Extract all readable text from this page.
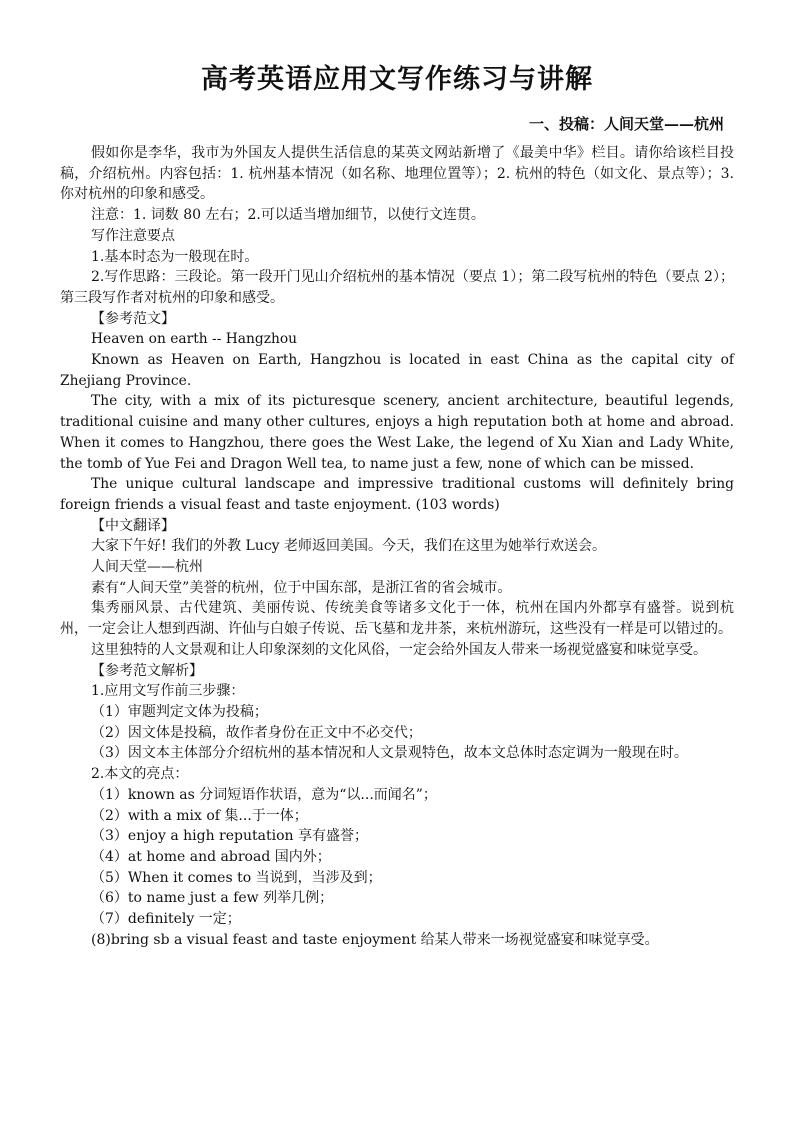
高考英语应用文写作练习与讲解
一、投稿：人间天堂——杭州

假如你是李华，我市为外国友人提供生活信息的某英文网站新增了《最美中华》栏目。请你给该栏目投稿，介绍杭州。内容包括：1. 杭州基本情况（如名称、地理位置等）；2. 杭州的特色（如文化、景点等）；3. 你对杭州的印象和感受。

注意：1. 词数 80 左右；2.可以适当增加细节，以使行文连贯。

写作注意要点

1.基本时态为一般现在时。

2.写作思路：三段论。第一段开门见山介绍杭州的基本情况（要点 1）；第二段写杭州的特色（要点 2）；第三段写作者对杭州的印象和感受。

【参考范文】

Heaven on earth -- Hangzhou

Known as Heaven on Earth, Hangzhou is located in east China as the capital city of Zhejiang Province.

The city, with a mix of its picturesque scenery, ancient architecture, beautiful legends, traditional cuisine and many other cultures, enjoys a high reputation both at home and abroad. When it comes to Hangzhou, there goes the West Lake, the legend of Xu Xian and Lady White, the tomb of Yue Fei and Dragon Well tea, to name just a few, none of which can be missed.

The unique cultural landscape and impressive traditional customs will definitely bring foreign friends a visual feast and taste enjoyment. (103 words)

【中文翻译】

大家下午好! 我们的外教 Lucy 老师返回美国。今天，我们在这里为她举行欢送会。

人间天堂——杭州

素有“人间天堂”美誉的杭州，位于中国东部，是浙江省的省会城市。

集秀丽风景、古代建筑、美丽传说、传统美食等诸多文化于一体，杭州在国内外都享有盛誉。说到杭州，一定会让人想到西湖、许仙与白娘子传说、岳飞墓和龙井茶，来杭州游玩，这些没有一样是可以错过的。

这里独特的人文景观和让人印象深刻的文化风俗，一定会给外国友人带来一场视觉盛宴和味觉享受。

【参考范文解析】

1.应用文写作前三步骤：

（1）审题判定文体为投稿；

（2）因文体是投稿，故作者身份在正文中不必交代；

（3）因文本主体部分介绍杭州的基本情况和人文景观特色，故本文总体时态定调为一般现在时。

2.本文的亮点：

（1）known as 分词短语作状语，意为“以...而闻名”；

（2）with a mix of 集...于一体；

（3）enjoy a high reputation 享有盛誉；

（4）at home and abroad 国内外；

（5）When it comes to 当说到，当涉及到；

（6）to name just a few 列举几例；

（7）definitely 一定；

(8)bring sb a visual feast and taste enjoyment 给某人带来一场视觉盛宴和味觉享受。
